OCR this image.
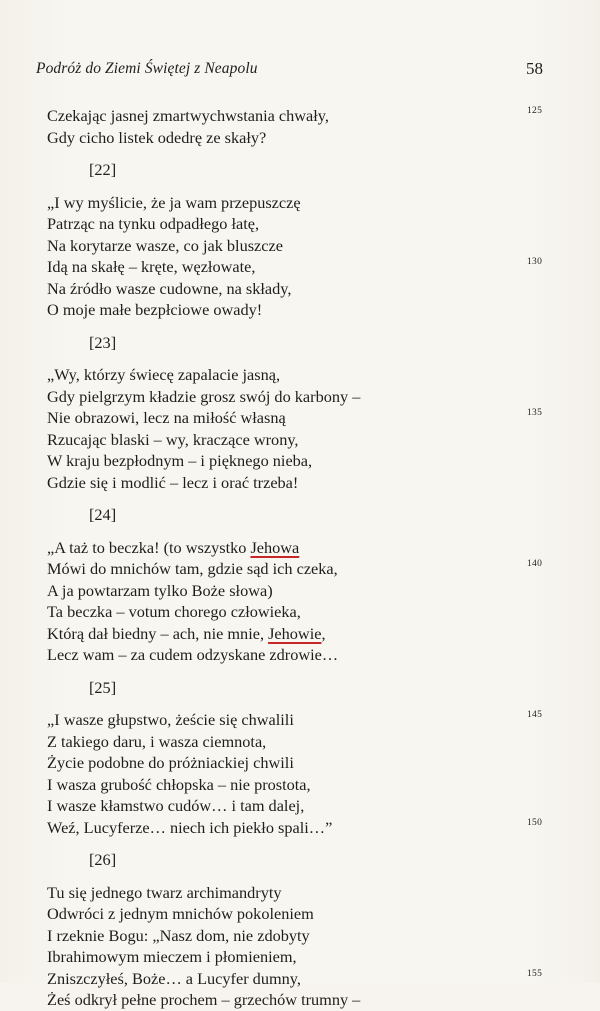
Podróż do Ziemi Świętej z Neapolu	58
Czekając jasnej zmartwychwstania chwały,	125
Gdy cicho listek odedrę ze skały?
[22]
„I wy myślicie, że ja wam przepuszczę
Patrząc na tynku odpadłego łatę,
Na korytarze wasze, co jak bluszcze
Idą na skałę – kręte, węzłowate,	130
Na źródło wasze cudowne, na składy,
O moje małe bezpłciowe owady!
[23]
„Wy, którzy świecę zapalacie jasną,
Gdy pielgrzym kładzie grosz swój do karbony –
Nie obrazowi, lecz na miłość własną	135
Rzucając blaski – wy, kraczące wrony,
W kraju bezpłodnym – i pięknego nieba,
Gdzie się i modlić – lecz i orać trzeba!
[24]
„A taż to beczka! (to wszystko Jehowa
Mówi do mnichów tam, gdzie sąd ich czeka,	140
A ja powtarzam tylko Boże słowa)
Ta beczka – votum chorego człowieka,
Którą dał biedny – ach, nie mnie, Jehowie,
Lecz wam – za cudem odzyskane zdrowie…
[25]
„I wasze głupstwo, żeście się chwalili	145
Z takiego daru, i wasza ciemnota,
Życie podobne do próżniackiej chwili
I wasza grubość chłopska – nie prostota,
I wasze kłamstwo cudów… i tam dalej,
Weź, Lucyferze… niech ich piekło spali…”	150
[26]
Tu się jednego twarz archimandryty
Odwróci z jednym mnichów pokoleniem
I rzeknie Bogu: „Nasz dom, nie zdobyty
Ibrahimowym mieczem i płomieniem,
Zniszczyłeś, Boże… a Lucyfer dumny,	155
Żeś odkrył pełne prochem – grzechów trumny –
